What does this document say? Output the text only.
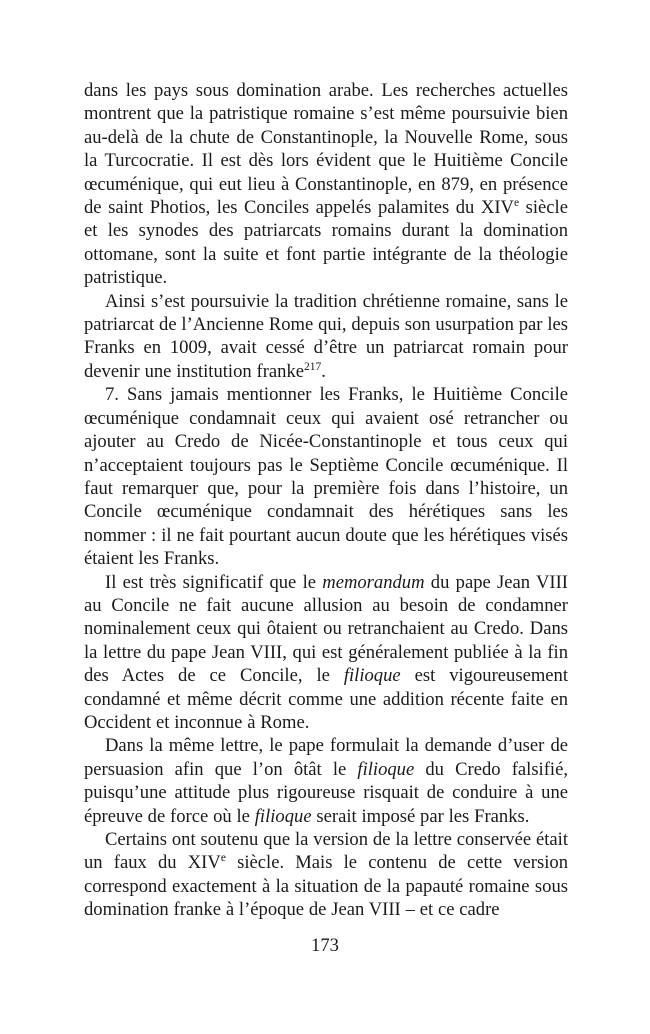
dans les pays sous domination arabe. Les recherches actuelles montrent que la patristique romaine s’est même poursuivie bien au-delà de la chute de Constantinople, la Nouvelle Rome, sous la Turcocratie. Il est dès lors évident que le Huitième Concile œcuménique, qui eut lieu à Constantinople, en 879, en présence de saint Photios, les Conciles appelés palamites du XIVe siècle et les synodes des patriarcats romains durant la domination ottomane, sont la suite et font partie intégrante de la théologie patristique.

Ainsi s’est poursuivie la tradition chrétienne romaine, sans le patriarcat de l’Ancienne Rome qui, depuis son usurpation par les Franks en 1009, avait cessé d’être un patriarcat romain pour devenir une institution franke$^{217}$.

7. Sans jamais mentionner les Franks, le Huitième Concile œcuménique condamnait ceux qui avaient osé retrancher ou ajouter au Credo de Nicée-Constantinople et tous ceux qui n’acceptaient toujours pas le Septième Concile œcuménique. Il faut remarquer que, pour la première fois dans l’histoire, un Concile œcuménique condamnait des hérétiques sans les nommer : il ne fait pourtant aucun doute que les hérétiques visés étaient les Franks.

Il est très significatif que le memorandum du pape Jean VIII au Concile ne fait aucune allusion au besoin de condamner nominalement ceux qui ôtaient ou retranchaient au Credo. Dans la lettre du pape Jean VIII, qui est généralement publiée à la fin des Actes de ce Concile, le filioque est vigoureusement condamné et même décrit comme une addition récente faite en Occident et inconnue à Rome.

Dans la même lettre, le pape formulait la demande d’user de persuasion afin que l’on ôtât le filioque du Credo falsifié, puisqu’une attitude plus rigoureuse risquait de conduire à une épreuve de force où le filioque serait imposé par les Franks.

Certains ont soutenu que la version de la lettre conservée était un faux du XIVe siècle. Mais le contenu de cette version correspond exactement à la situation de la papauté romaine sous domination franke à l’époque de Jean VIII – et ce cadre

173
